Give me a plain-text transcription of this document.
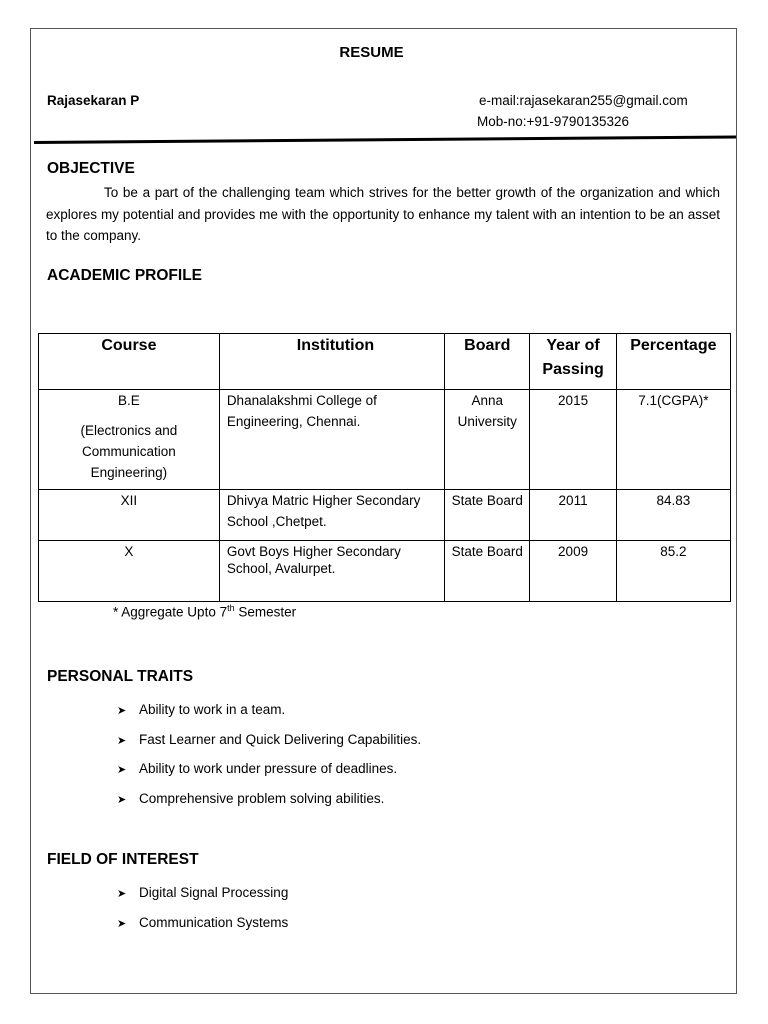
RESUME
Rajasekaran P	e-mail:rajasekaran255@gmail.com
Mob-no:+91-9790135326
OBJECTIVE

To be a part of the challenging team which strives for the better growth of the organization and which explores my potential and provides me with the opportunity to enhance my talent with an intention to be an asset to the company.

ACADEMIC PROFILE
Course	Institution	Board	Year of Passing	Percentage

B.E
(Electronics and Communication Engineering)	Dhanalakshmi College of Engineering, Chennai.	Anna University	2015	7.1(CGPA)*
XII	Dhivya Matric Higher Secondary School ,Chetpet.	State Board	2011	84.83
X	Govt Boys Higher Secondary School, Avalurpet.	State Board	2009	85.2
* Aggregate Upto 7th Semester
PERSONAL TRAITS
➤ Ability to work in a team.
➤ Fast Learner and Quick Delivering Capabilities.
➤ Ability to work under pressure of deadlines.
➤ Comprehensive problem solving abilities.
FIELD OF INTEREST
➤ Digital Signal Processing
➤ Communication Systems
